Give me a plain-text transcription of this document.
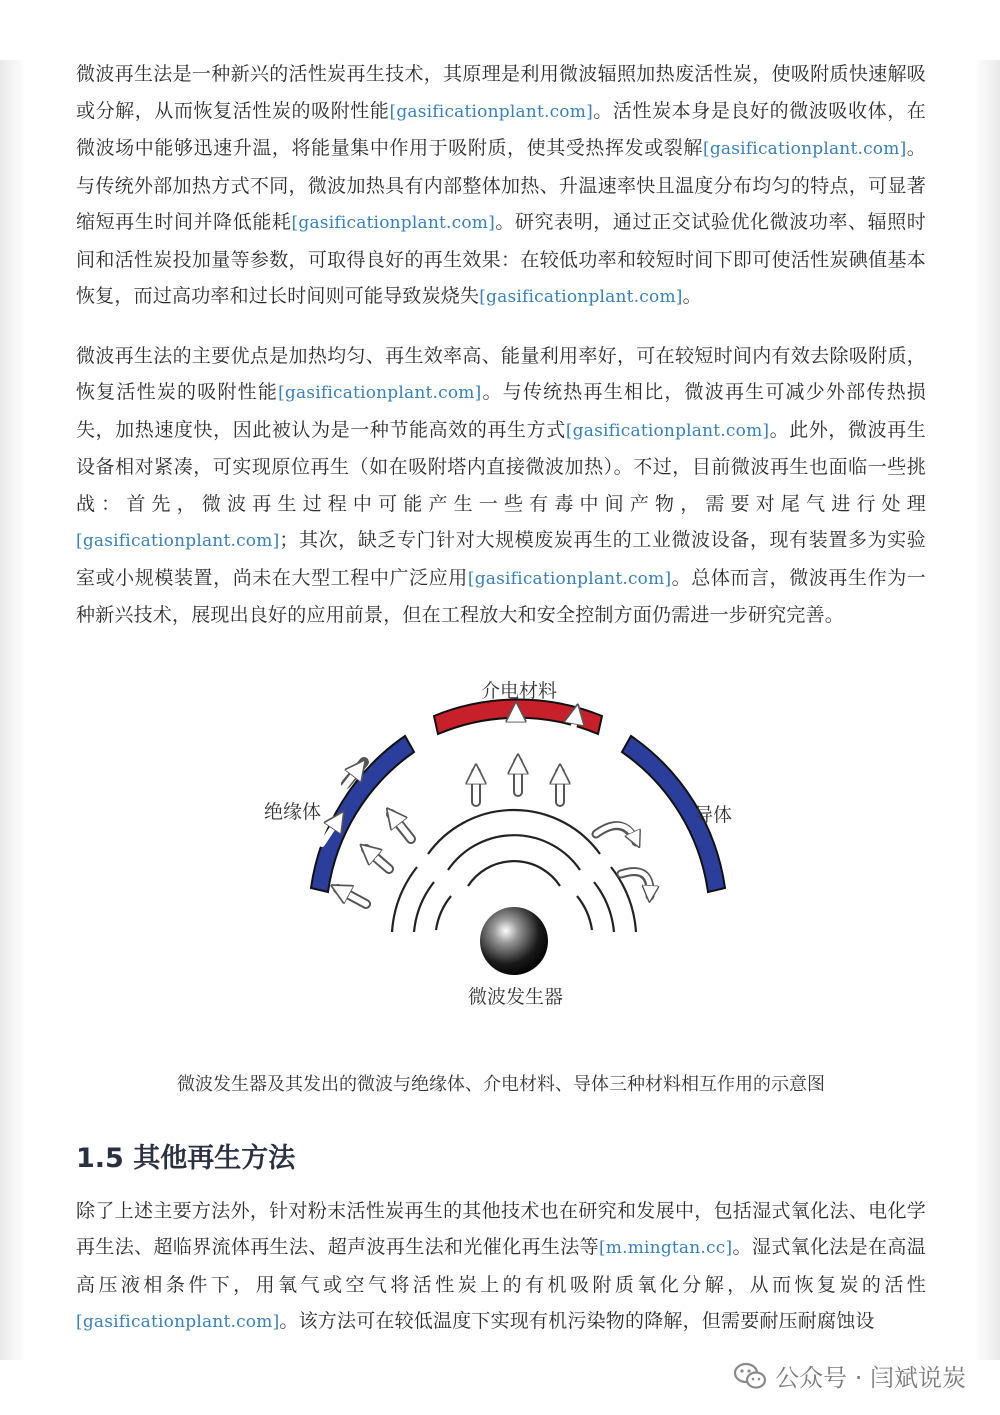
微波再生法是一种新兴的活性炭再生技术，其原理是利用微波辐照加热废活性炭，使吸附质快速解吸或分解，从而恢复活性炭的吸附性能[gasificationplant.com]。活性炭本身是良好的微波吸收体，在微波场中能够迅速升温，将能量集中作用于吸附质，使其受热挥发或裂解[gasificationplant.com]。与传统外部加热方式不同，微波加热具有内部整体加热、升温速率快且温度分布均匀的特点，可显著缩短再生时间并降低能耗[gasificationplant.com]。研究表明，通过正交试验优化微波功率、辐照时间和活性炭投加量等参数，可取得良好的再生效果：在较低功率和较短时间下即可使活性炭碘值基本恢复，而过高功率和过长时间则可能导致炭烧失[gasificationplant.com]。

微波再生法的主要优点是加热均匀、再生效率高、能量利用率好，可在较短时间内有效去除吸附质，恢复活性炭的吸附性能[gasificationplant.com]。与传统热再生相比，微波再生可减少外部传热损失，加热速度快，因此被认为是一种节能高效的再生方式[gasificationplant.com]。此外，微波再生设备相对紧凑，可实现原位再生（如在吸附塔内直接微波加热）。不过，目前微波再生也面临一些挑战：首先，微波再生过程中可能产生一些有毒中间产物，需要对尾气进行处理[gasificationplant.com]；其次，缺乏专门针对大规模废炭再生的工业微波设备，现有装置多为实验室或小规模装置，尚未在大型工程中广泛应用[gasificationplant.com]。总体而言，微波再生作为一种新兴技术，展现出良好的应用前景，但在工程放大和安全控制方面仍需进一步研究完善。

介电材料
绝缘体	导体
微波发生器
微波发生器及其发出的微波与绝缘体、介电材料、导体三种材料相互作用的示意图
1.5 其他再生方法

除了上述主要方法外，针对粉末活性炭再生的其他技术也在研究和发展中，包括湿式氧化法、电化学再生法、超临界流体再生法、超声波再生法和光催化再生法等[m.mingtan.cc]。湿式氧化法是在高温高压液相条件下，用氧气或空气将活性炭上的有机吸附质氧化分解，从而恢复炭的活性[gasificationplant.com]。该方法可在较低温度下实现有机污染物的降解，但需要耐压耐腐蚀设

公众号 · 闫斌说炭
